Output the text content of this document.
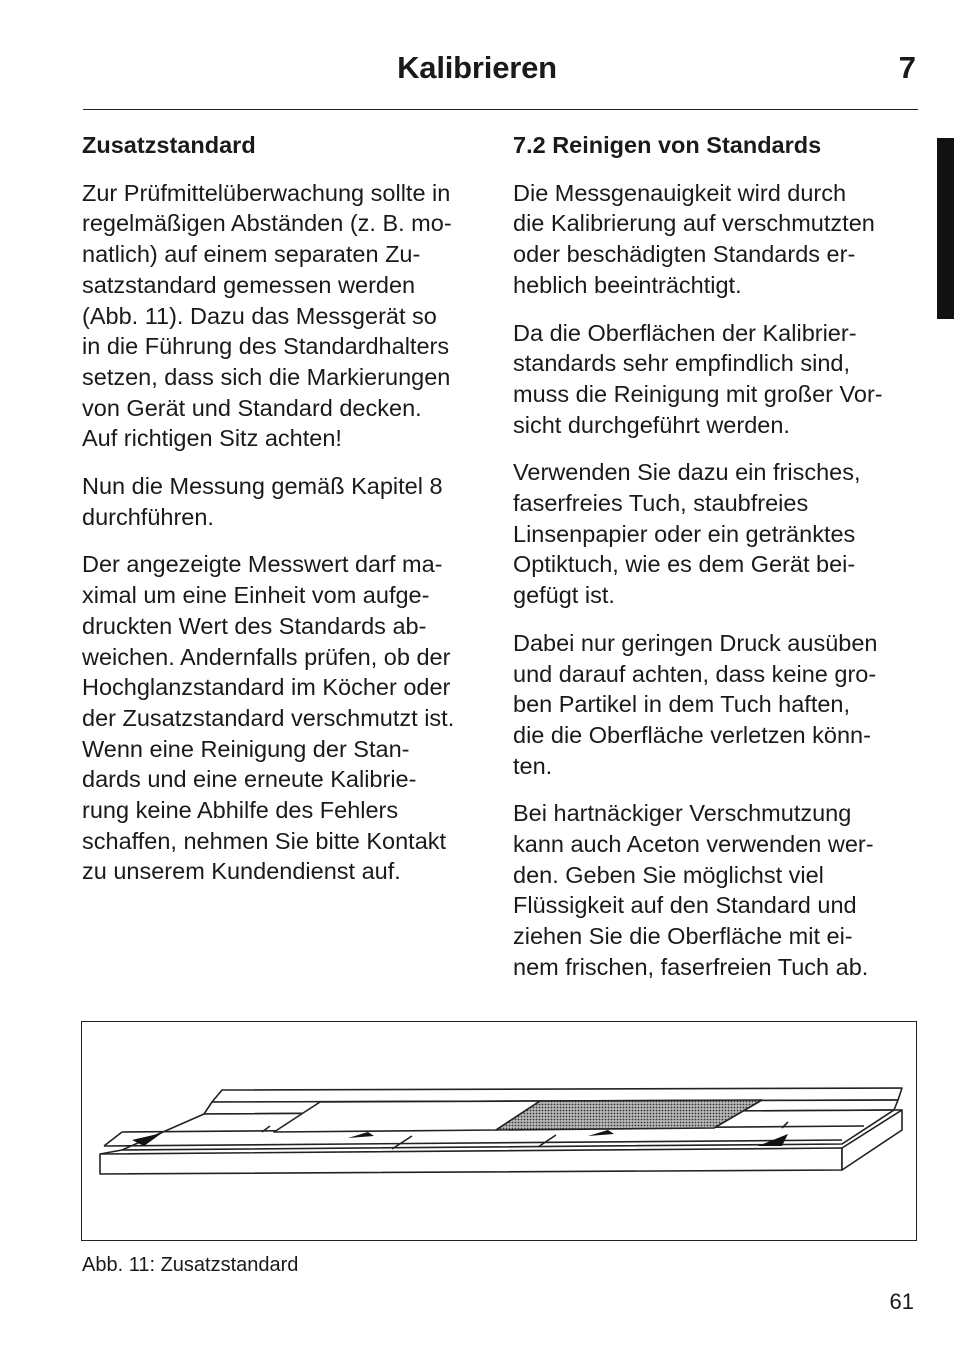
Kalibrieren	7
Zusatzstandard
Zur Prüfmittelüberwachung sollte in
regelmäßigen Abständen (z. B. mo-
natlich) auf einem separaten Zu-
satzstandard gemessen werden
(Abb. 11). Dazu das Messgerät so
in die Führung des Standardhalters
setzen, dass sich die Markierungen
von Gerät und Standard decken.
Auf richtigen Sitz achten!
Nun die Messung gemäß Kapitel 8
durchführen.
Der angezeigte Messwert darf ma-
ximal um eine Einheit vom aufge-
druckten Wert des Standards ab-
weichen. Andernfalls prüfen, ob der
Hochglanzstandard im Köcher oder
der Zusatzstandard verschmutzt ist.
Wenn eine Reinigung der Stan-
dards und eine erneute Kalibrie-
rung keine Abhilfe des Fehlers
schaffen, nehmen Sie bitte Kontakt
zu unserem Kundendienst auf.
7.2 Reinigen von Standards
Die Messgenauigkeit wird durch
die Kalibrierung auf verschmutzten
oder beschädigten Standards er-
heblich beeinträchtigt.
Da die Oberflächen der Kalibrier-
standards sehr empfindlich sind,
muss die Reinigung mit großer Vor-
sicht durchgeführt werden.
Verwenden Sie dazu ein frisches,
faserfreies Tuch, staubfreies
Linsenpapier oder ein getränktes
Optiktuch, wie es dem Gerät bei-
gefügt ist.
Dabei nur geringen Druck ausüben
und darauf achten, dass keine gro-
ben Partikel in dem Tuch haften,
die die Oberfläche verletzen könn-
ten.
Bei hartnäckiger Verschmutzung
kann auch Aceton verwenden wer-
den. Geben Sie möglichst viel
Flüssigkeit auf den Standard und
ziehen Sie die Oberfläche mit ei-
nem frischen, faserfreien Tuch ab.
Abb. 11: Zusatzstandard
61
